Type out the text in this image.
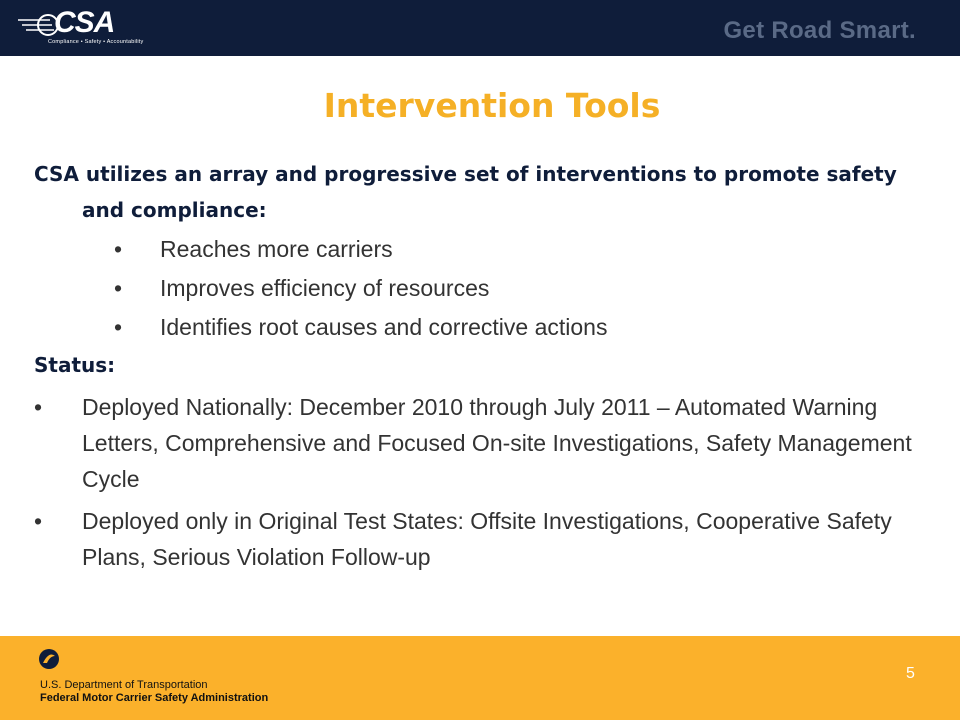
CSA
Compliance • Safety • Accountability	Get Road Smart.
Intervention Tools

CSA utilizes an array and progressive set of interventions to promote safety and compliance:

• Reaches more carriers
• Improves efficiency of resources
• Identifies root causes and corrective actions

Status:

• Deployed Nationally: December 2010 through July 2011 – Automated Warning Letters, Comprehensive and Focused On-site Investigations, Safety Management Cycle
• Deployed only in Original Test States: Offsite Investigations, Cooperative Safety Plans, Serious Violation Follow-up
U.S. Department of Transportation
Federal Motor Carrier Safety Administration
5
